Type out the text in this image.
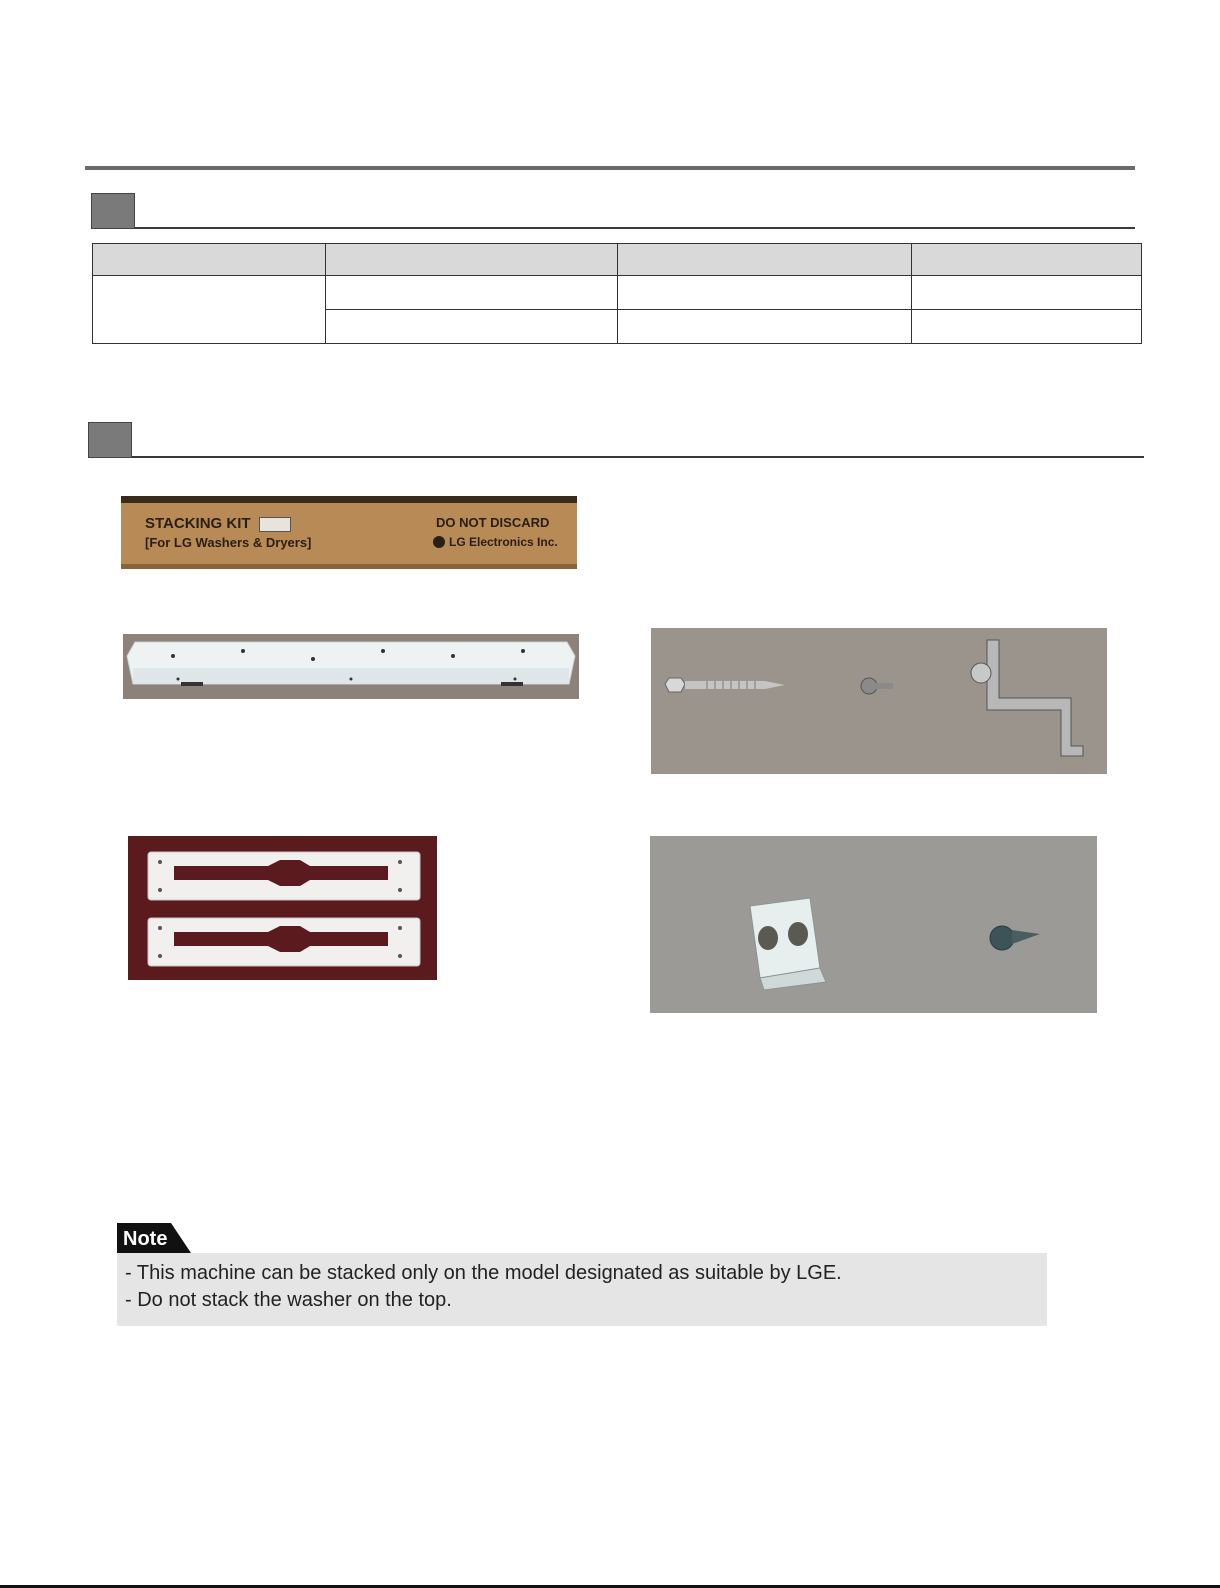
STACKING KIT
[For LG Washers & Dryers]
DO NOT DISCARD
LG Electronics Inc.
Note
- This machine can be stacked only on the model designated as suitable by LGE.
- Do not stack the washer on the top.
